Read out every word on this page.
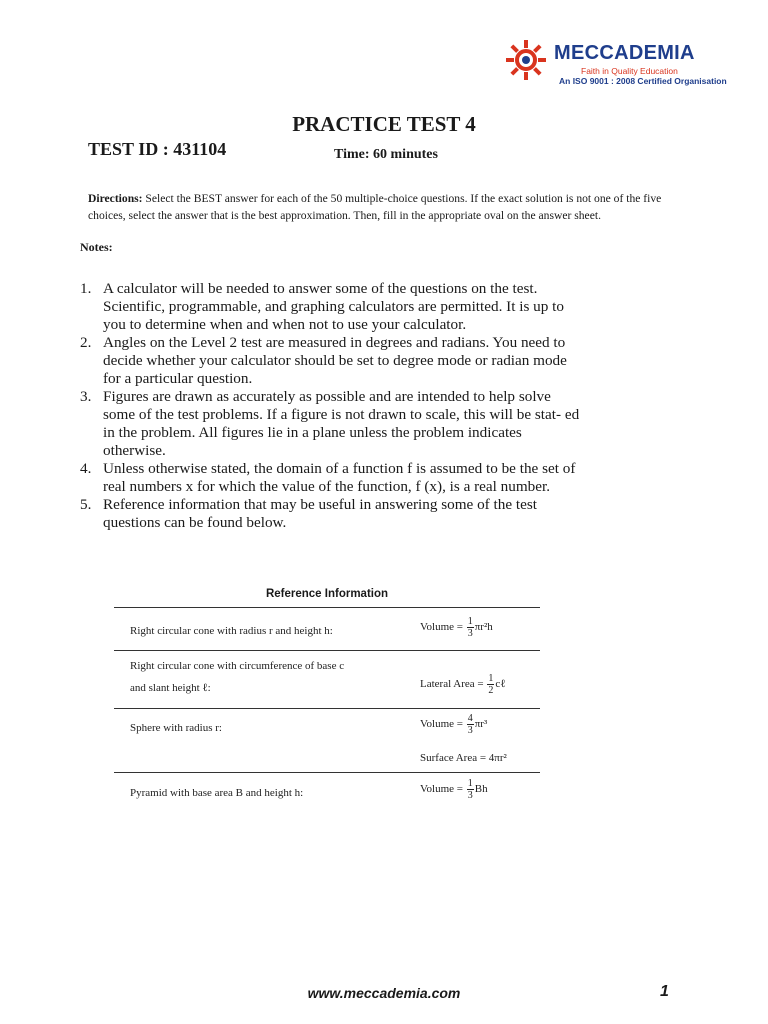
MECCADEMIA
Faith in Quality Education
An ISO 9001 : 2008 Certified Organisation
PRACTICE TEST 4
TEST ID : 431104	Time: 60 minutes
Directions: Select the BEST answer for each of the 50 multiple-choice questions. If the exact solution is not one of the five choices, select the answer that is the best approximation. Then, fill in the appropriate oval on the answer sheet.
Notes:
1. A calculator will be needed to answer some of the questions on the test. Scientific, programmable, and graphing calculators are permitted. It is up to you to determine when and when not to use your calculator.
2. Angles on the Level 2 test are measured in degrees and radians. You need to decide whether your calculator should be set to degree mode or radian mode for a particular question.
3. Figures are drawn as accurately as possible and are intended to help solve some of the test problems. If a figure is not drawn to scale, this will be stat- ed in the problem. All figures lie in a plane unless the problem indicates otherwise.
4. Unless otherwise stated, the domain of a function f is assumed to be the set of real numbers x for which the value of the function, f (x), is a real number.
5. Reference information that may be useful in answering some of the test questions can be found below.
Reference Information
Right circular cone with radius r and height h:	Volume = $\frac{1}{3} \pi r^2h$
Right circular cone with circumference of base c
and slant height ℓ:	Lateral Area = $\frac{1}{2}$ cℓ
Sphere with radius r:	Volume = $\frac{4}{3} \pi r^3$
Surface Area = 4πr²
Pyramid with base area B and height h:	Volume = $\frac{1}{3}$ Bh
www.meccademia.com	1
